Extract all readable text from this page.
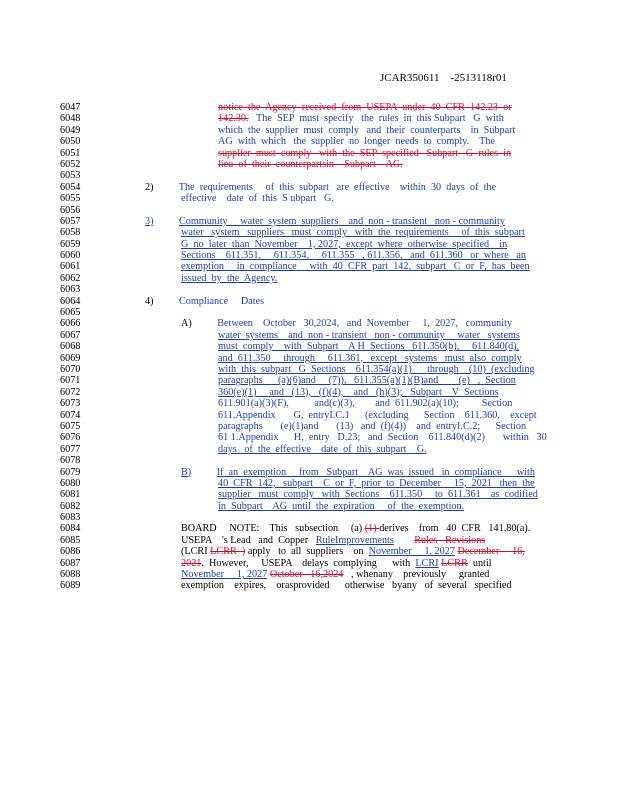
JCAR350611    -2513118r01
6047	notice  the  Agency  received  from  USEPA  under  40  CFR  142.23  or
6048	142.30.   The  SEP  must  specify   the  rules  in  this Subpart   G  with
6049	which  the  supplier  must  comply   and  their  counterparts    in  Subpart
6050	AG  with  which   the  supplier  no  longer  needs  to  comply.    The
6051	supplier  must  comply   with  the  SEP  specified   Subpart   G  rules  in
6052	lieu  of  their  counterpartsin    Subpart    AG.
6053
6054	2)          The  requirements     of  this  subpart   are  effective    within  30  days  of  the
6055	effective    date  of  this  S ubpart   G.
6056
6057	3) Community     water  system  suppliers    and  non - transient   non - community
6058	water   system   suppliers   must  comply   with  the  requirements     of  this  subpart
6059	G  no  later  than  November    1, 2027,  except  where  otherwise  specified    in
6060	Sections    611.351,     611.354,     611.355   , 611.356,   and  611.360   or  where   an
6061	exemption     in  compliance     with  40  CFR  part  142,  subpart   C  or  F,  has  been
6062	issued  by  the  Agency.
6063
6064	4)          Compliance     Dates
6065
6066	A)          Between    October   30,2024,   and  November     1,  2027,   community
6067	water  systems    and  non - transient   non - community     water   systems
6068	must  comply    with  Subpart    A H  Sections   611.350(b),     611.840(d),
6069	and  611.350     through     611.361,   except   systems   must  also  comply
6070	with  this  subpart   G  Sections    611.354(a)(1)      through    (10)  (excluding
6071	paragraphs      (a)(6)and     (7)),   611.355(a)(1)(B)and        (e)   ,  Section
6072	360(e)(1)     and   (13),   (f)(4),    and   (h)(3);   Subpart    V  Sections
6073	611.901(a)(3)(F),          and(c)(3),        and  611.902(a)(10);         Section
6074	611.Appendix       G,  entryI.C.1      (excluding      Section    611.360,    except
6075	paragraphs       (e)(1)and       (13)   and  (f)(4))    and  entryI.C.2;      Section
6076	61 1.Appendix      H,  entry   D.23;   and  Section    611.840(d)(2)       within   30
6077	days   of  the  effective    date  of  this  subpart    G.
6078
6079	B) If  an  exemption     from   Subpart    AG  was  issued   in  compliance      with
6080	40  CFR  142,   subpart    C  or  F,  prior  to  December     15,  2021   then  the
6081	supplier   must  comply   with  Sections    611.350     to  611.361    as  codified
6082	in  Subpart    AG  until  the  expiration     of  the  exemption.
6083
6084	BOARD     NOTE:    This   subsection     (a) (1) derives    from   40  CFR   141.80(a).
6085	USEPA    's Lead   and  Copper   RuleImprovements Rules   Revisions
6086	(LCRI LCRR  ) apply   to  all  suppliers    on  November     1, 2027 December     16,
6087	2021.  However,     USEPA    delays  complying      with  LCRI LCRR  until
6088	November     1, 2027 October   16,2024   , whenany    previously     granted
6089	exemption    expires,    orasprovided      otherwise   byany   of  several   specified
